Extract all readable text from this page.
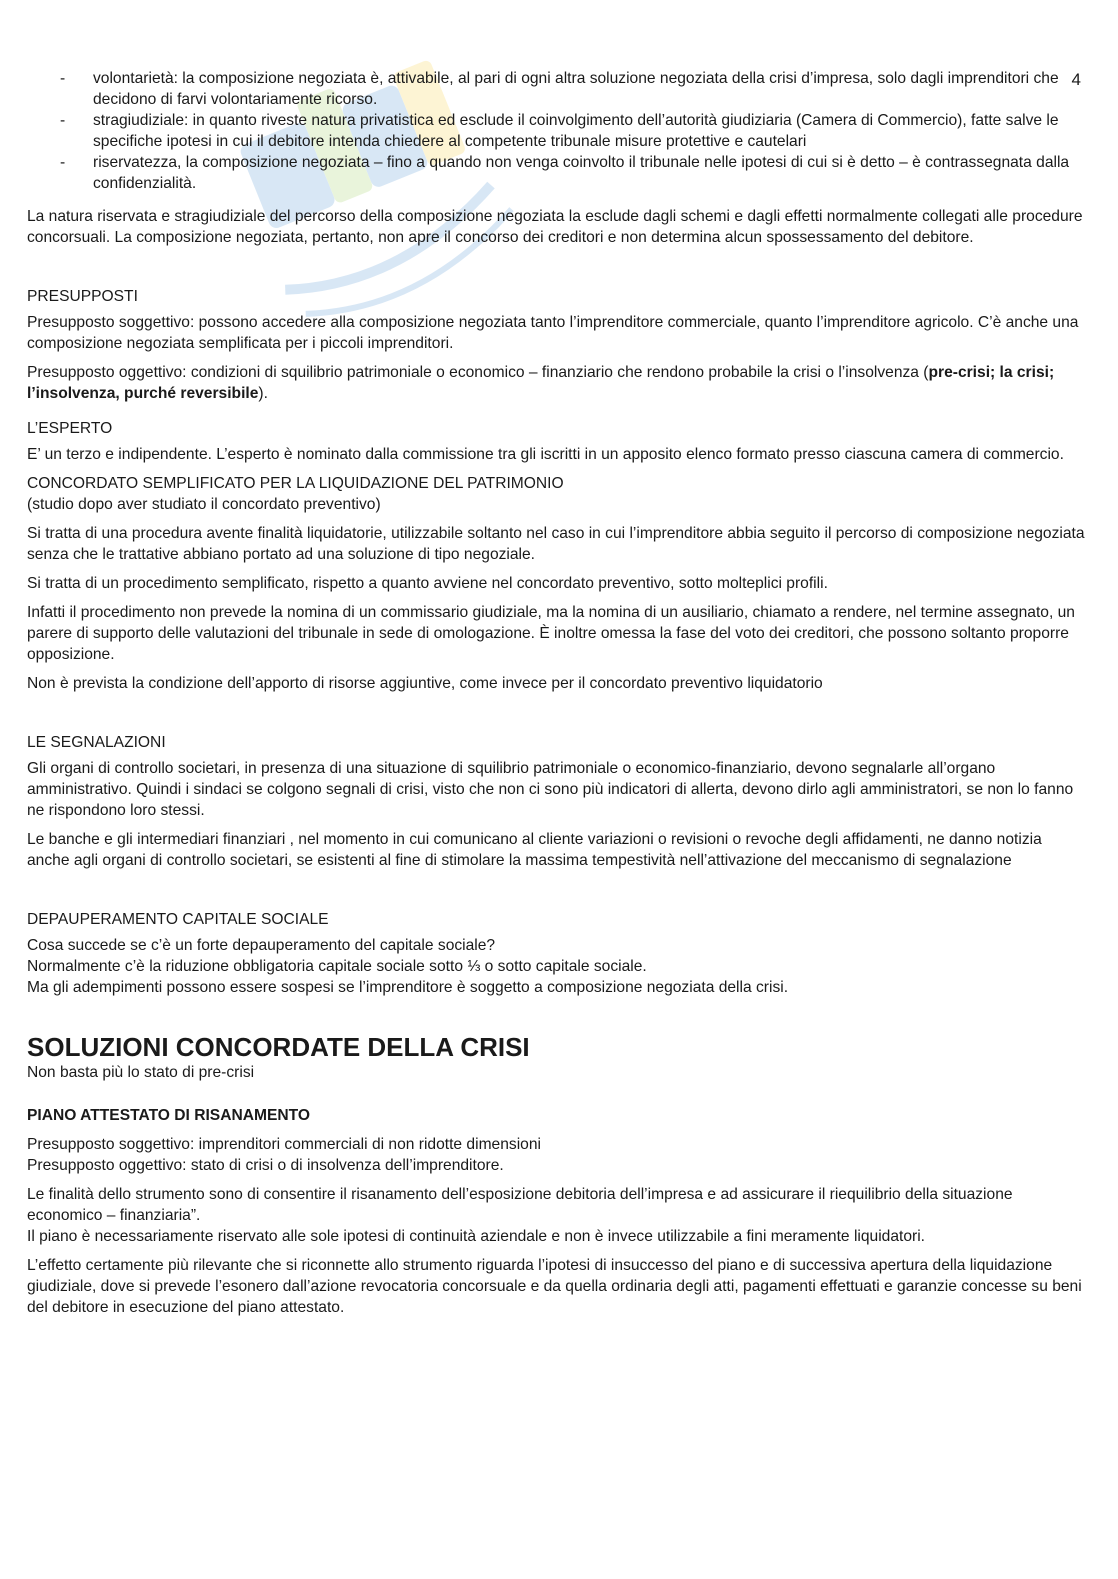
4
- volontarietà: la composizione negoziata è, attivabile, al pari di ogni altra soluzione negoziata della crisi d’impresa, solo dagli imprenditori che decidono di farvi volontariamente ricorso.
- stragiudiziale: in quanto riveste natura privatistica ed esclude il coinvolgimento dell’autorità giudiziaria (Camera di Commercio), fatte salve le specifiche ipotesi in cui il debitore intenda chiedere al competente tribunale misure protettive e cautelari
- riservatezza, la composizione negoziata – fino a quando non venga coinvolto il tribunale nelle ipotesi di cui si è detto – è contrassegnata dalla confidenzialità.

La natura riservata e stragiudiziale del percorso della composizione negoziata la esclude dagli schemi e dagli effetti normalmente collegati alle procedure concorsuali. La composizione negoziata, pertanto, non apre il concorso dei creditori e non determina alcun spossessamento del debitore.

PRESUPPOSTI

Presupposto soggettivo: possono accedere alla composizione negoziata tanto l’imprenditore commerciale, quanto l’imprenditore agricolo. C’è anche una composizione negoziata semplificata per i piccoli imprenditori.

Presupposto oggettivo: condizioni di squilibrio patrimoniale o economico – finanziario che rendono probabile la crisi o l’insolvenza (pre-crisi; la crisi; l’insolvenza, purché reversibile).

L’ESPERTO

E’ un terzo e indipendente. L’esperto è nominato dalla commissione tra gli iscritti in un apposito elenco formato presso ciascuna camera di commercio.

CONCORDATO SEMPLIFICATO PER LA LIQUIDAZIONE DEL PATRIMONIO

(studio dopo aver studiato il concordato preventivo)

Si tratta di una procedura avente finalità liquidatorie, utilizzabile soltanto nel caso in cui l’imprenditore abbia seguito il percorso di composizione negoziata senza che le trattative abbiano portato ad una soluzione di tipo negoziale.

Si tratta di un procedimento semplificato, rispetto a quanto avviene nel concordato preventivo, sotto molteplici profili.

Infatti il procedimento non prevede la nomina di un commissario giudiziale, ma la nomina di un ausiliario, chiamato a rendere, nel termine assegnato, un parere di supporto delle valutazioni del tribunale in sede di omologazione. È inoltre omessa la fase del voto dei creditori, che possono soltanto proporre opposizione.

Non è prevista la condizione dell’apporto di risorse aggiuntive, come invece per il concordato preventivo liquidatorio

LE SEGNALAZIONI

Gli organi di controllo societari, in presenza di una situazione di squilibrio patrimoniale o economico-finanziario, devono segnalarle all’organo amministrativo. Quindi i sindaci se colgono segnali di crisi, visto che non ci sono più indicatori di allerta, devono dirlo agli amministratori, se non lo fanno ne rispondono loro stessi.

Le banche e gli intermediari finanziari , nel momento in cui comunicano al cliente variazioni o revisioni o revoche degli affidamenti, ne danno notizia anche agli organi di controllo societari, se esistenti al fine di stimolare la massima tempestività nell’attivazione del meccanismo di segnalazione

DEPAUPERAMENTO CAPITALE SOCIALE

Cosa succede se c’è un forte depauperamento del capitale sociale?

Normalmente c’è la riduzione obbligatoria capitale sociale sotto ⅓ o sotto capitale sociale.

Ma gli adempimenti possono essere sospesi se l’imprenditore è soggetto a composizione negoziata della crisi.

SOLUZIONI CONCORDATE DELLA CRISI

Non basta più lo stato di pre-crisi

PIANO ATTESTATO DI RISANAMENTO

Presupposto soggettivo: imprenditori commerciali di non ridotte dimensioni

Presupposto oggettivo: stato di crisi o di insolvenza dell’imprenditore.

Le finalità dello strumento sono di consentire il risanamento dell’esposizione debitoria dell’impresa e ad assicurare il riequilibrio della situazione economico – finanziaria”.

Il piano è necessariamente riservato alle sole ipotesi di continuità aziendale e non è invece utilizzabile a fini meramente liquidatori.

L’effetto certamente più rilevante che si riconnette allo strumento riguarda l’ipotesi di insuccesso del piano e di successiva apertura della liquidazione giudiziale, dove si prevede l’esonero dall’azione revocatoria concorsuale e da quella ordinaria degli atti, pagamenti effettuati e garanzie concesse su beni del debitore in esecuzione del piano attestato.
